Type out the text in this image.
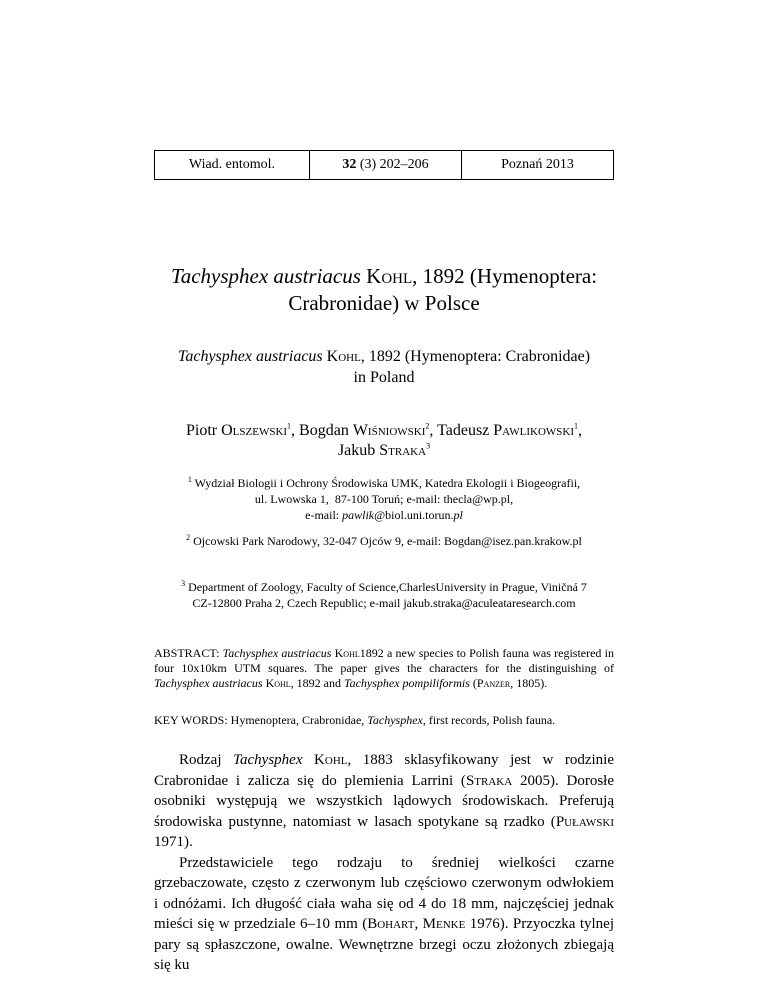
Wiad. entomol.	32 (3) 202–206	Poznań 2013
Tachysphex austriacus Kohl, 1892 (Hymenoptera:
Crabronidae) w Polsce
Tachysphex austriacus Kohl, 1892 (Hymenoptera: Crabronidae)
in Poland
Piotr Olszewski$^1$, Bogdan Wiśniowski$^2$, Tadeusz Pawlikowski$^1$,
Jakub Straka$^3$
$^1$ Wydział Biologii i Ochrony Środowiska UMK, Katedra Ekologii i Biogeografii,
ul. Lwowska 1,  87-100 Toruń; e-mail: thecla@wp.pl,
e-mail: pawlik@biol.uni.torun.pl
$^2$ Ojcowski Park Narodowy, 32-047 Ojców 9, e-mail: Bogdan@isez.pan.krakow.pl
$^3$ Department of Zoology, Faculty of Science,CharlesUniversity in Prague, Viničná 7
CZ-12800 Praha 2, Czech Republic; e-mail jakub.straka@aculeataresearch.com
ABSTRACT: Tachysphex austriacus Kohl1892 a new species to Polish fauna was registered in four 10x10km UTM squares. The paper gives the characters for the distinguishing of Tachysphex austriacus Kohl, 1892 and Tachysphex pompiliformis (Panzer, 1805).
KEY WORDS: Hymenoptera, Crabronidae, Tachysphex, first records, Polish fauna.

Rodzaj Tachysphex Kohl, 1883 sklasyfikowany jest w rodzinie Crabronidae i zalicza się do plemienia Larrini (Straka 2005). Dorosłe osobniki występują we wszystkich lądowych środowiskach. Preferują środowiska pustynne, natomiast w lasach spotykane są rzadko (Puławski 1971).

Przedstawiciele tego rodzaju to średniej wielkości czarne grzebaczowate, często z czerwonym lub częściowo czerwonym odwłokiem i odnóżami. Ich długość ciała waha się od 4 do 18 mm, najczęściej jednak mieści się w przedziale 6–10 mm (Bohart, Menke 1976). Przyoczka tylnej pary są spłaszczone, owalne. Wewnętrzne brzegi oczu złożonych zbiegają się ku
